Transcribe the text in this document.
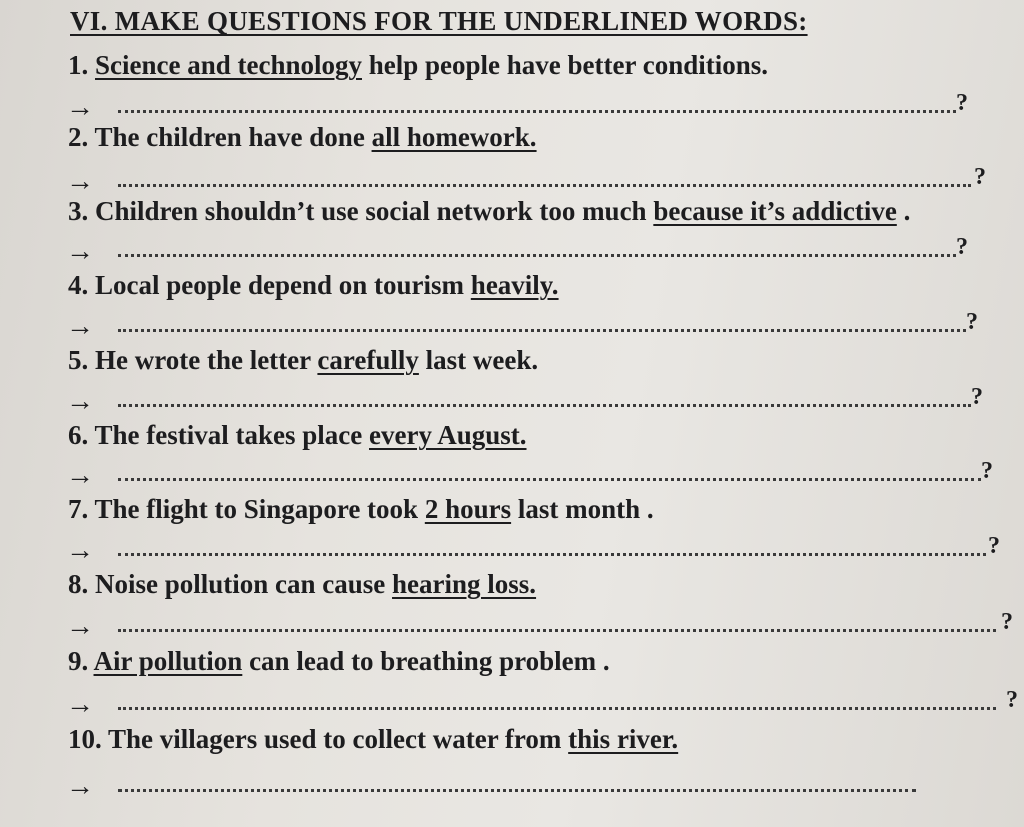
VI. MAKE QUESTIONS FOR THE UNDERLINED WORDS:
1. Science and technology help people have better conditions.
→	?
2. The children have done all homework.
→	?
3. Children shouldn’t use social network too much because it’s addictive .
→	?
4. Local people depend on tourism heavily.
→	?
5. He wrote the letter carefully last week.
→	?
6. The festival takes place every August.
→	?
7. The flight to Singapore took 2 hours last month .
→	?
8. Noise pollution can cause hearing loss.
→	?
9. Air pollution can lead to breathing problem .
→	?
10. The villagers used to collect water from this river.
→
